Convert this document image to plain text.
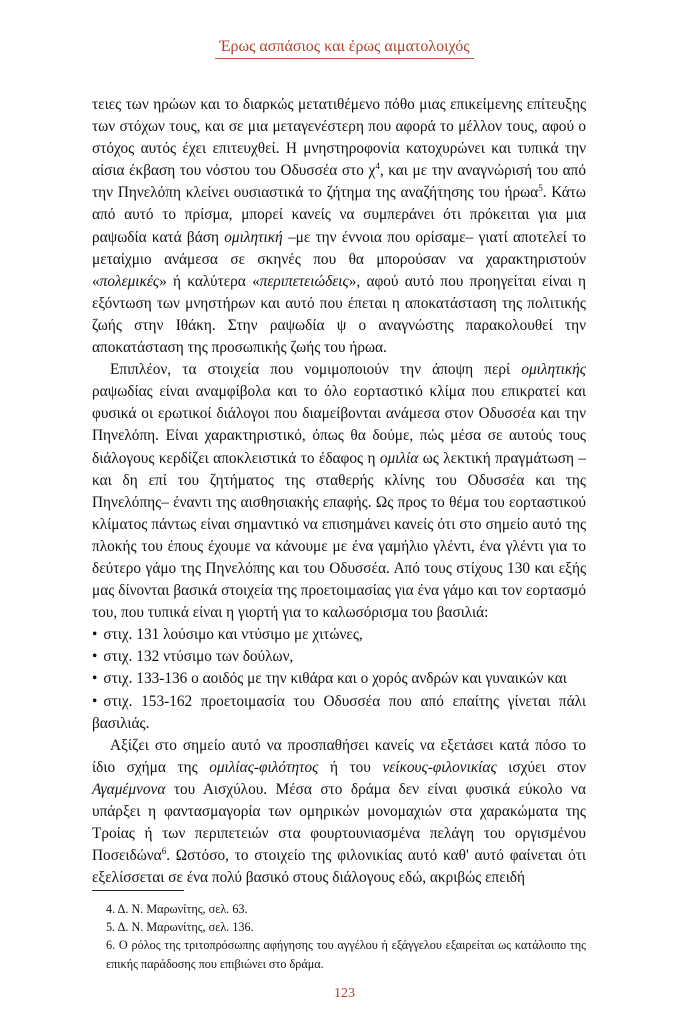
Έρως ασπάσιος και έρως αιματολοιχός

τειες των ηρώων και το διαρκώς μετατιθέμενο πόθο μιας επικείμενης επίτευξης των στόχων τους, και σε μια μεταγενέστερη που αφορά το μέλλον τους, αφού ο στόχος αυτός έχει επιτευχθεί. Η μνηστηροφονία κατοχυρώνει και τυπικά την αίσια έκβαση του νόστου του Οδυσσέα στο $\chi^4$, και με την αναγνώρισή του από την Πηνελόπη κλείνει ουσιαστικά το ζήτημα της αναζήτησης του ήρωα$^5$. Κάτω από αυτό το πρίσμα, μπορεί κανείς να συμπεράνει ότι πρόκειται για μια ραψωδία κατά βάση ομιλητική –με την έννοια που ορίσαμε– γιατί αποτελεί το μεταίχμιο ανάμεσα σε σκηνές που θα μπορούσαν να χαρακτηριστούν «πολεμικές» ή καλύτερα «περιπετειώδεις», αφού αυτό που προηγείται είναι η εξόντωση των μνηστήρων και αυτό που έπεται η αποκατάσταση της πολιτικής ζωής στην Ιθάκη. Στην ραψωδία ψ ο αναγνώστης παρακολουθεί την αποκατάσταση της προσωπικής ζωής του ήρωα.

Επιπλέον, τα στοιχεία που νομιμοποιούν την άποψη περί ομιλητικής ραψωδίας είναι αναμφίβολα και το όλο εορταστικό κλίμα που επικρατεί και φυσικά οι ερωτικοί διάλογοι που διαμείβονται ανάμεσα στον Οδυσσέα και την Πηνελόπη. Είναι χαρακτηριστικό, όπως θα δούμε, πώς μέσα σε αυτούς τους διάλογους κερδίζει αποκλειστικά το έδαφος η ομιλία ως λεκτική πραγμάτωση –και δη επί του ζητήματος της σταθερής κλίνης του Οδυσσέα και της Πηνελόπης– έναντι της αισθησιακής επαφής. Ως προς το θέμα του εορταστικού κλίματος πάντως είναι σημαντικό να επισημάνει κανείς ότι στο σημείο αυτό της πλοκής του έπους έχουμε να κάνουμε με ένα γαμήλιο γλέντι, ένα γλέντι για το δεύτερο γάμο της Πηνελόπης και του Οδυσσέα. Από τους στίχους 130 και εξής μας δίνονται βασικά στοιχεία της προετοιμασίας για ένα γάμο και τον εορτασμό του, που τυπικά είναι η γιορτή για το καλωσόρισμα του βασιλιά:

• στιχ. 131 λούσιμο και ντύσιμο με χιτώνες,

• στιχ. 132 ντύσιμο των δούλων,

• στιχ. 133-136 ο αοιδός με την κιθάρα και ο χορός ανδρών και γυναικών και

• στιχ. 153-162 προετοιμασία του Οδυσσέα που από επαίτης γίνεται πάλι βασιλιάς.

Αξίζει στο σημείο αυτό να προσπαθήσει κανείς να εξετάσει κατά πόσο το ίδιο σχήμα της ομιλίας-φιλότητος ή του νείκους-φιλονικίας ισχύει στον Αγαμέμνονα του Αισχύλου. Μέσα στο δράμα δεν είναι φυσικά εύκολο να υπάρξει η φαντασμαγορία των ομηρικών μονομαχιών στα χαρακώματα της Τροίας ή των περιπετειών στα φουρτουνιασμένα πελάγη του οργισμένου Ποσειδώνα$^6$. Ωστόσο, το στοιχείο της φιλονικίας αυτό καθ' αυτό φαίνεται ότι εξελίσσεται σε ένα πολύ βασικό στους διάλογους εδώ, ακριβώς επειδή

4. Δ. Ν. Μαρωνίτης, σελ. 63.

5. Δ. Ν. Μαρωνίτης, σελ. 136.

6. Ο ρόλος της τριτοπρόσωπης αφήγησης του αγγέλου ή εξάγγελου εξαιρείται ως κατάλοιπο της επικής παράδοσης που επιβιώνει στο δράμα.

123
